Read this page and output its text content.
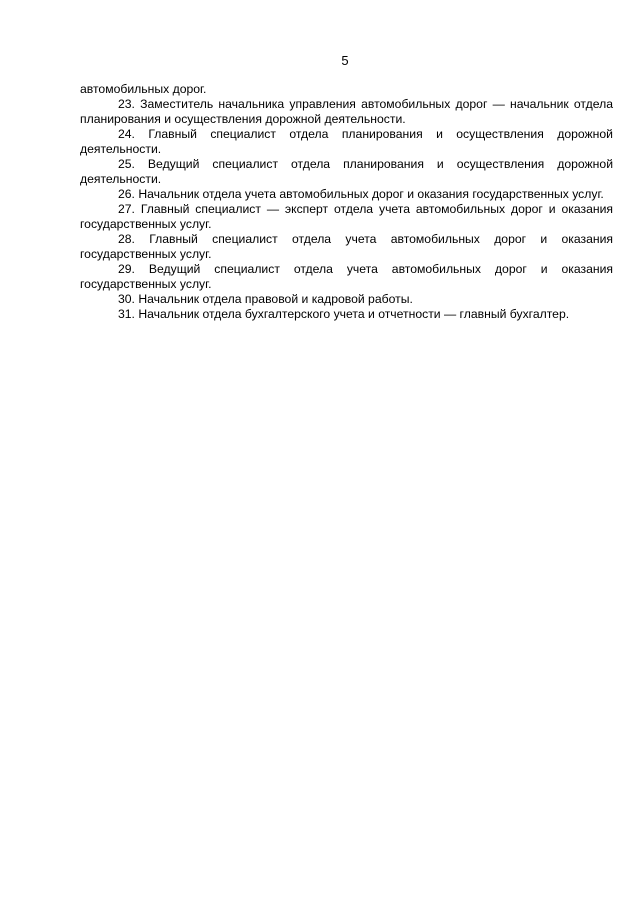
5

автомобильных дорог.

23. Заместитель начальника управления автомобильных дорог — начальник отдела планирования и осуществления дорожной деятельности.

24. Главный специалист отдела планирования и осуществления дорожной деятельности.

25. Ведущий специалист отдела планирования и осуществления дорожной деятельности.

26. Начальник отдела учета автомобильных дорог и оказания государственных услуг.

27. Главный специалист — эксперт отдела учета автомобильных дорог и оказания государственных услуг.

28. Главный специалист отдела учета автомобильных дорог и оказания государственных услуг.

29. Ведущий специалист отдела учета автомобильных дорог и оказания государственных услуг.

30. Начальник отдела правовой и кадровой работы.

31. Начальник отдела бухгалтерского учета и отчетности — главный бухгалтер.
